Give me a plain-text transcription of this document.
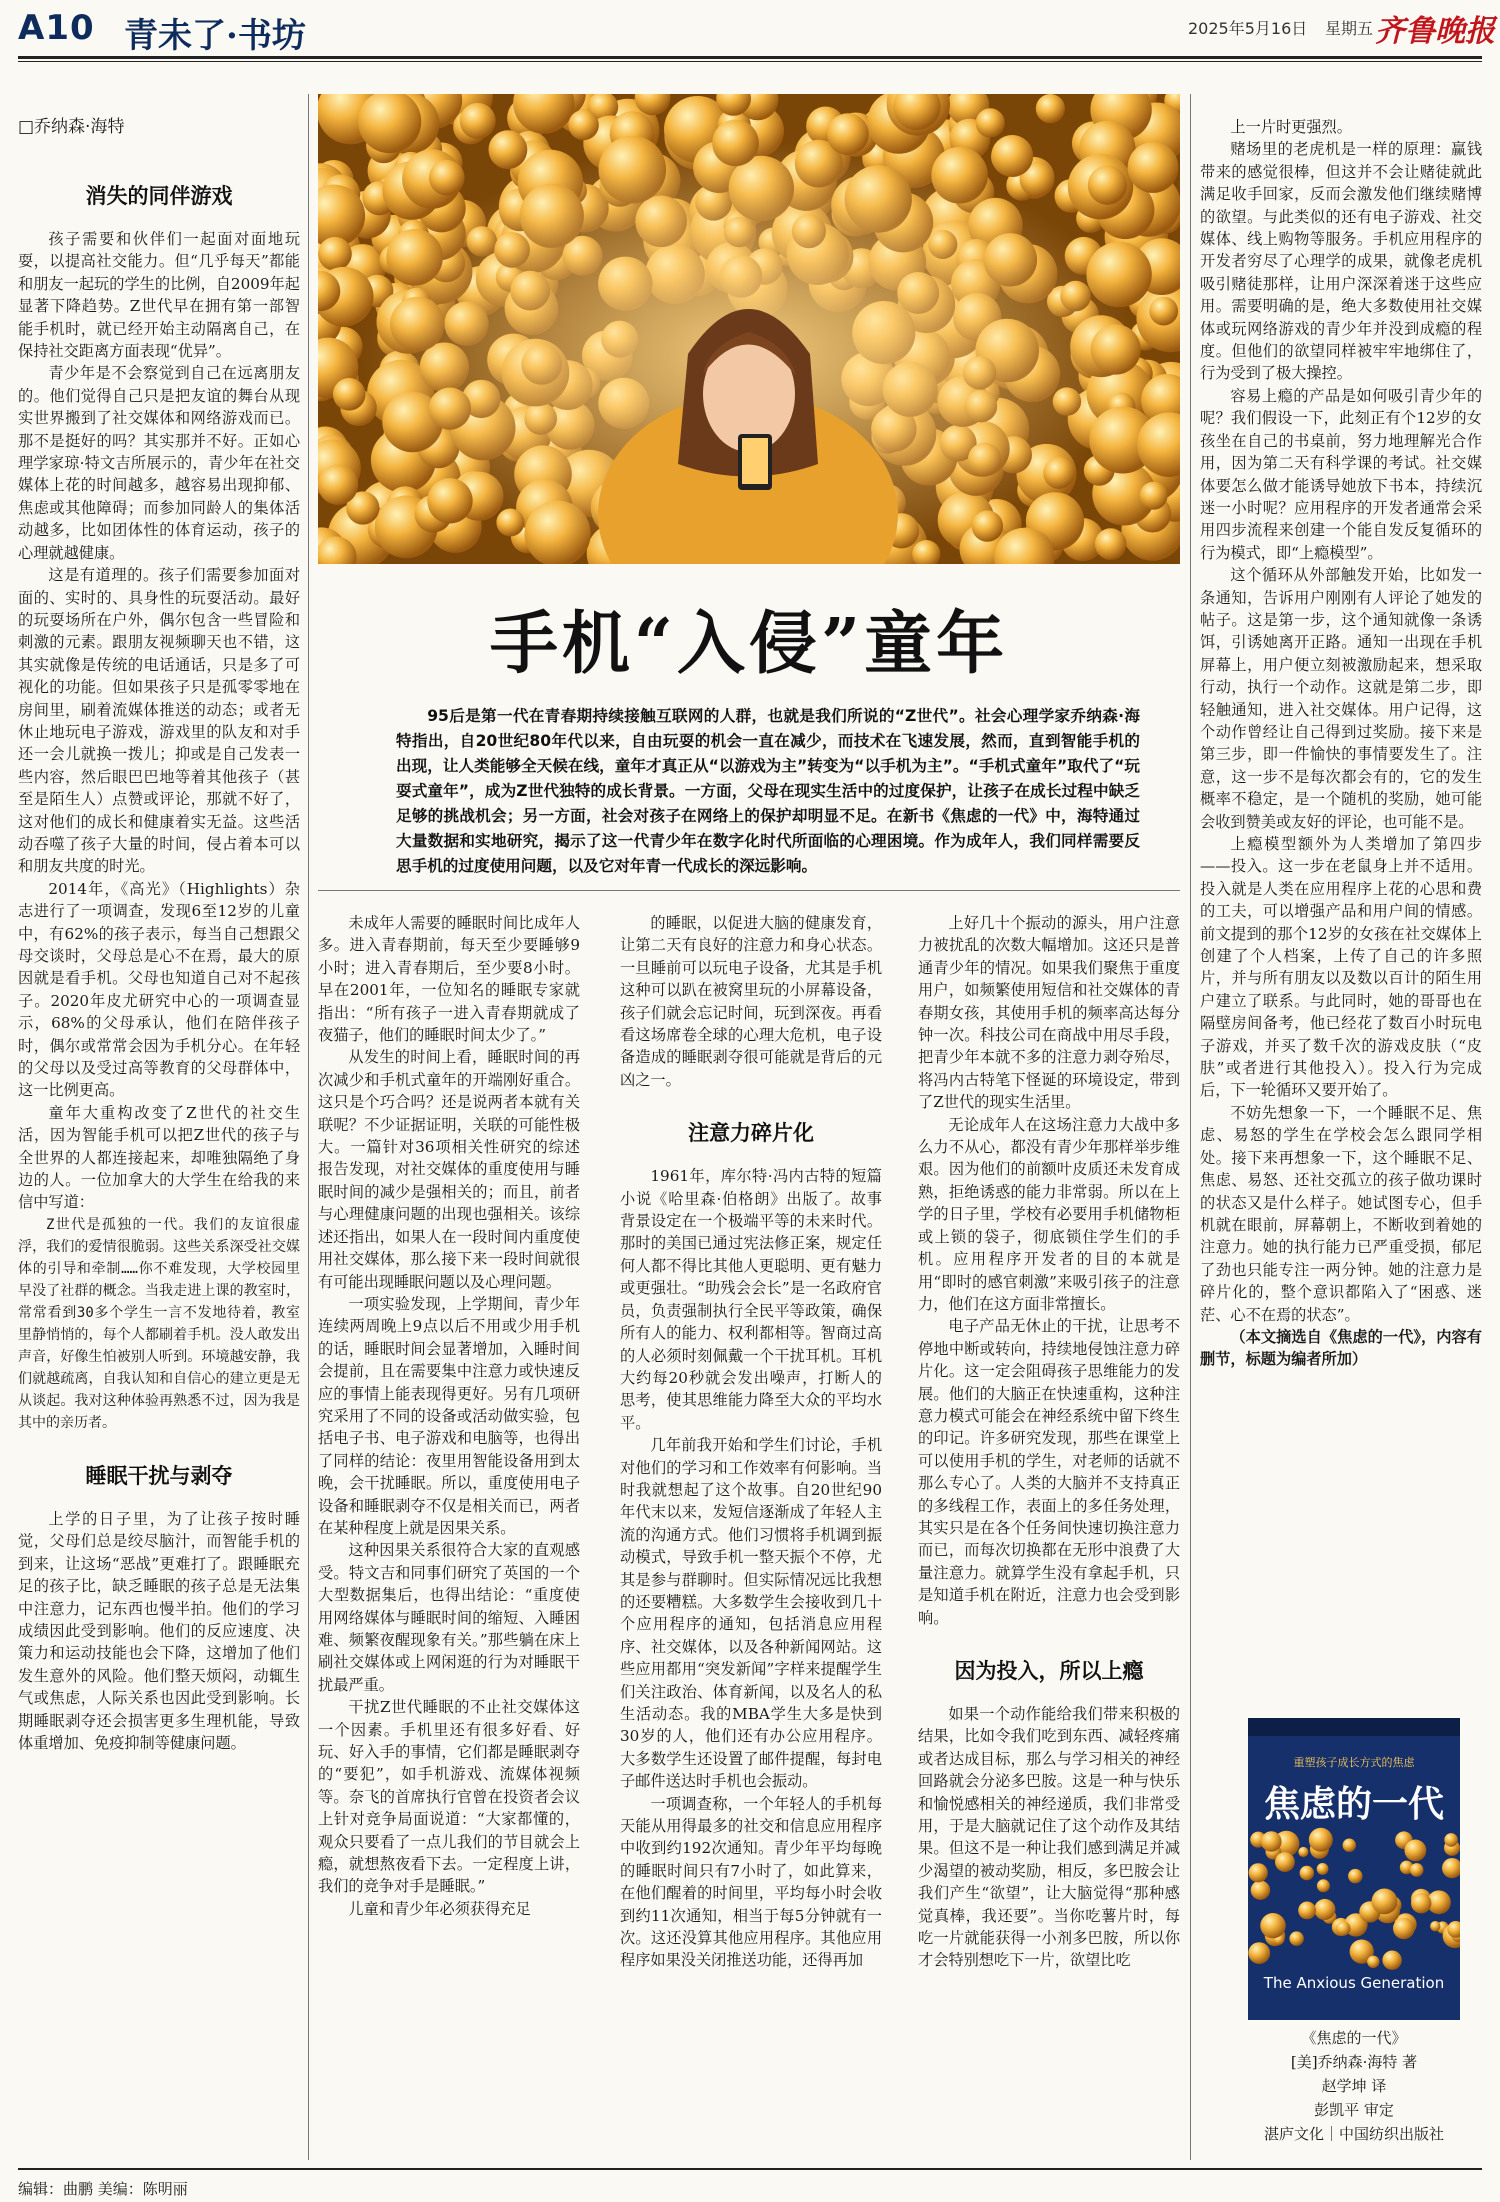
A10 青未了·书坊	2025年5月16日 星期五 齐鲁晚报
□乔纳森·海特
手机“入侵”童年
95后是第一代在青春期持续接触互联网的人群，也就是我们所说的“Z世代”。社会心理学家乔纳森·海特指出，自20世纪80年代以来，自由玩耍的机会一直在减少，而技术在飞速发展，然而，直到智能手机的出现，让人类能够全天候在线，童年才真正从“以游戏为主”转变为“以手机为主”。“手机式童年”取代了“玩耍式童年”，成为Z世代独特的成长背景。一方面，父母在现实生活中的过度保护，让孩子在成长过程中缺乏足够的挑战机会；另一方面，社会对孩子在网络上的保护却明显不足。在新书《焦虑的一代》中，海特通过大量数据和实地研究，揭示了这一代青少年在数字化时代所面临的心理困境。作为成年人，我们同样需要反思手机的过度使用问题，以及它对年青一代成长的深远影响。
消失的同伴游戏

孩子需要和伙伴们一起面对面地玩耍，以提高社交能力。但“几乎每天”都能和朋友一起玩的学生的比例，自2009年起显著下降趋势。Z世代早在拥有第一部智能手机时，就已经开始主动隔离自己，在保持社交距离方面表现“优异”。

青少年是不会察觉到自己在远离朋友的。他们觉得自己只是把友谊的舞台从现实世界搬到了社交媒体和网络游戏而已。那不是挺好的吗？其实那并不好。正如心理学家琼·特文吉所展示的，青少年在社交媒体上花的时间越多，越容易出现抑郁、焦虑或其他障碍；而参加同龄人的集体活动越多，比如团体性的体育运动，孩子的心理就越健康。

这是有道理的。孩子们需要参加面对面的、实时的、具身性的玩耍活动。最好的玩耍场所在户外，偶尔包含一些冒险和刺激的元素。跟朋友视频聊天也不错，这其实就像是传统的电话通话，只是多了可视化的功能。但如果孩子只是孤零零地在房间里，刷着流媒体推送的动态；或者无休止地玩电子游戏，游戏里的队友和对手还一会儿就换一拨儿；抑或是自己发表一些内容，然后眼巴巴地等着其他孩子（甚至是陌生人）点赞或评论，那就不好了，这对他们的成长和健康着实无益。这些活动吞噬了孩子大量的时间，侵占着本可以和朋友共度的时光。

2014年，《高光》（Highlights）杂志进行了一项调查，发现6至12岁的儿童中，有62%的孩子表示，每当自己想跟父母交谈时，父母总是心不在焉，最大的原因就是看手机。父母也知道自己对不起孩子。2020年皮尤研究中心的一项调查显示，68%的父母承认，他们在陪伴孩子时，偶尔或常常会因为手机分心。在年轻的父母以及受过高等教育的父母群体中，这一比例更高。

童年大重构改变了Z世代的社交生活，因为智能手机可以把Z世代的孩子与全世界的人都连接起来，却唯独隔绝了身边的人。一位加拿大的大学生在给我的来信中写道：

Z世代是孤独的一代。我们的友谊很虚浮，我们的爱情很脆弱。这些关系深受社交媒体的引导和牵制……你不难发现，大学校园里早没了社群的概念。当我走进上课的教室时，常常看到30多个学生一言不发地待着，教室里静悄悄的，每个人都刷着手机。没人敢发出声音，好像生怕被别人听到。环境越安静，我们就越疏离，自我认知和自信心的建立更是无从谈起。我对这种体验再熟悉不过，因为我是其中的亲历者。

睡眠干扰与剥夺

上学的日子里，为了让孩子按时睡觉，父母们总是绞尽脑汁，而智能手机的到来，让这场“恶战”更难打了。跟睡眠充足的孩子比，缺乏睡眠的孩子总是无法集中注意力，记东西也慢半拍。他们的学习成绩因此受到影响。他们的反应速度、决策力和运动技能也会下降，这增加了他们发生意外的风险。他们整天烦闷，动辄生气或焦虑，人际关系也因此受到影响。长期睡眠剥夺还会损害更多生理机能，导致体重增加、免疫抑制等健康问题。

未成年人需要的睡眠时间比成年人多。进入青春期前，每天至少要睡够9小时；进入青春期后，至少要8小时。早在2001年，一位知名的睡眠专家就指出：“所有孩子一进入青春期就成了夜猫子，他们的睡眠时间太少了。”

从发生的时间上看，睡眠时间的再次减少和手机式童年的开端刚好重合。这只是个巧合吗？还是说两者本就有关联呢？不少证据证明，关联的可能性极大。一篇针对36项相关性研究的综述报告发现，对社交媒体的重度使用与睡眠时间的减少是强相关的；而且，前者与心理健康问题的出现也强相关。该综述还指出，如果人在一段时间内重度使用社交媒体，那么接下来一段时间就很有可能出现睡眠问题以及心理问题。

一项实验发现，上学期间，青少年连续两周晚上9点以后不用或少用手机的话，睡眠时间会显著增加，入睡时间会提前，且在需要集中注意力或快速反应的事情上能表现得更好。另有几项研究采用了不同的设备或活动做实验，包括电子书、电子游戏和电脑等，也得出了同样的结论：夜里用智能设备用到太晚，会干扰睡眠。所以，重度使用电子设备和睡眠剥夺不仅是相关而已，两者在某种程度上就是因果关系。

这种因果关系很符合大家的直观感受。特文吉和同事们研究了英国的一个大型数据集后，也得出结论：“重度使用网络媒体与睡眠时间的缩短、入睡困难、频繁夜醒现象有关。”那些躺在床上刷社交媒体或上网闲逛的行为对睡眠干扰最严重。

干扰Z世代睡眠的不止社交媒体这一个因素。手机里还有很多好看、好玩、好入手的事情，它们都是睡眠剥夺的“要犯”，如手机游戏、流媒体视频等。奈飞的首席执行官曾在投资者会议上针对竞争局面说道：“大家都懂的，观众只要看了一点儿我们的节目就会上瘾，就想熬夜看下去。一定程度上讲，我们的竞争对手是睡眠。”

儿童和青少年必须获得充足

的睡眠，以促进大脑的健康发育，让第二天有良好的注意力和身心状态。一旦睡前可以玩电子设备，尤其是手机这种可以趴在被窝里玩的小屏幕设备，孩子们就会忘记时间，玩到深夜。再看看这场席卷全球的心理大危机，电子设备造成的睡眠剥夺很可能就是背后的元凶之一。

注意力碎片化

1961年，库尔特·冯内古特的短篇小说《哈里森·伯格朗》出版了。故事背景设定在一个极端平等的未来时代。那时的美国已通过宪法修正案，规定任何人都不得比其他人更聪明、更有魅力或更强壮。“助残会会长”是一名政府官员，负责强制执行全民平等政策，确保所有人的能力、权利都相等。智商过高的人必须时刻佩戴一个干扰耳机。耳机大约每20秒就会发出噪声，打断人的思考，使其思维能力降至大众的平均水平。

几年前我开始和学生们讨论，手机对他们的学习和工作效率有何影响。当时我就想起了这个故事。自20世纪90年代末以来，发短信逐渐成了年轻人主流的沟通方式。他们习惯将手机调到振动模式，导致手机一整天振个不停，尤其是参与群聊时。但实际情况远比我想的还要糟糕。大多数学生会接收到几十个应用程序的通知，包括消息应用程序、社交媒体，以及各种新闻网站。这些应用都用“突发新闻”字样来提醒学生们关注政治、体育新闻，以及名人的私生活动态。我的MBA学生大多是快到30岁的人，他们还有办公应用程序。大多数学生还设置了邮件提醒，每封电子邮件送达时手机也会振动。

一项调查称，一个年轻人的手机每天能从用得最多的社交和信息应用程序中收到约192次通知。青少年平均每晚的睡眠时间只有7小时了，如此算来，在他们醒着的时间里，平均每小时会收到约11次通知，相当于每5分钟就有一次。这还没算其他应用程序。其他应用程序如果没关闭推送功能，还得再加

上好几十个振动的源头，用户注意力被扰乱的次数大幅增加。这还只是普通青少年的情况。如果我们聚焦于重度用户，如频繁使用短信和社交媒体的青春期女孩，其使用手机的频率高达每分钟一次。科技公司在商战中用尽手段，把青少年本就不多的注意力剥夺殆尽，将冯内古特笔下怪诞的环境设定，带到了Z世代的现实生活里。

无论成年人在这场注意力大战中多么力不从心，都没有青少年那样举步维艰。因为他们的前额叶皮质还未发育成熟，拒绝诱惑的能力非常弱。所以在上学的日子里，学校有必要用手机储物柜或上锁的袋子，彻底锁住学生们的手机。应用程序开发者的目的本就是用“即时的感官刺激”来吸引孩子的注意力，他们在这方面非常擅长。

电子产品无休止的干扰，让思考不停地中断或转向，持续地侵蚀注意力碎片化。这一定会阻碍孩子思维能力的发展。他们的大脑正在快速重构，这种注意力模式可能会在神经系统中留下终生的印记。许多研究发现，那些在课堂上可以使用手机的学生，对老师的话就不那么专心了。人类的大脑并不支持真正的多线程工作，表面上的多任务处理，其实只是在各个任务间快速切换注意力而已，而每次切换都在无形中浪费了大量注意力。就算学生没有拿起手机，只是知道手机在附近，注意力也会受到影响。

因为投入，所以上瘾

如果一个动作能给我们带来积极的结果，比如令我们吃到东西、减轻疼痛或者达成目标，那么与学习相关的神经回路就会分泌多巴胺。这是一种与快乐和愉悦感相关的神经递质，我们非常受用，于是大脑就记住了这个动作及其结果。但这不是一种让我们感到满足并减少渴望的被动奖励，相反，多巴胺会让我们产生“欲望”，让大脑觉得“那种感觉真棒，我还要”。当你吃薯片时，每吃一片就能获得一小剂多巴胺，所以你才会特别想吃下一片，欲望比吃

上一片时更强烈。

赌场里的老虎机是一样的原理：赢钱带来的感觉很棒，但这并不会让赌徒就此满足收手回家，反而会激发他们继续赌博的欲望。与此类似的还有电子游戏、社交媒体、线上购物等服务。手机应用程序的开发者穷尽了心理学的成果，就像老虎机吸引赌徒那样，让用户深深着迷于这些应用。需要明确的是，绝大多数使用社交媒体或玩网络游戏的青少年并没到成瘾的程度。但他们的欲望同样被牢牢地绑住了，行为受到了极大操控。

容易上瘾的产品是如何吸引青少年的呢？我们假设一下，此刻正有个12岁的女孩坐在自己的书桌前，努力地理解光合作用，因为第二天有科学课的考试。社交媒体要怎么做才能诱导她放下书本，持续沉迷一小时呢？应用程序的开发者通常会采用四步流程来创建一个能自发反复循环的行为模式，即“上瘾模型”。

这个循环从外部触发开始，比如发一条通知，告诉用户刚刚有人评论了她发的帖子。这是第一步，这个通知就像一条诱饵，引诱她离开正路。通知一出现在手机屏幕上，用户便立刻被激励起来，想采取行动，执行一个动作。这就是第二步，即轻触通知，进入社交媒体。用户记得，这个动作曾经让自己得到过奖励。接下来是第三步，即一件愉快的事情要发生了。注意，这一步不是每次都会有的，它的发生概率不稳定，是一个随机的奖励，她可能会收到赞美或友好的评论，也可能不是。

上瘾模型额外为人类增加了第四步——投入。这一步在老鼠身上并不适用。投入就是人类在应用程序上花的心思和费的工夫，可以增强产品和用户间的情感。前文提到的那个12岁的女孩在社交媒体上创建了个人档案，上传了自己的许多照片，并与所有朋友以及数以百计的陌生用户建立了联系。与此同时，她的哥哥也在隔壁房间备考，他已经花了数百小时玩电子游戏，并买了数千次的游戏皮肤（“皮肤”或者进行其他投入）。投入行为完成后，下一轮循环又要开始了。

不妨先想象一下，一个睡眠不足、焦虑、易怒的学生在学校会怎么跟同学相处。接下来再想象一下，这个睡眠不足、焦虑、易怒、还社交孤立的孩子做功课时的状态又是什么样子。她试图专心，但手机就在眼前，屏幕朝上，不断收到着她的注意力。她的执行能力已严重受损，郁尼了劲也只能专注一两分钟。她的注意力是碎片化的，整个意识都陷入了“困惑、迷茫、心不在焉的状态”。

（本文摘选自《焦虑的一代》，内容有删节，标题为编者所加）

重塑孩子成长方式的焦虑
焦虑的一代
The Anxious Generation
《焦虑的一代》
[美]乔纳森·海特 著
赵学坤 译
彭凯平 审定
湛庐文化｜中国纺织出版社
编辑：曲鹏 美编：陈明丽
